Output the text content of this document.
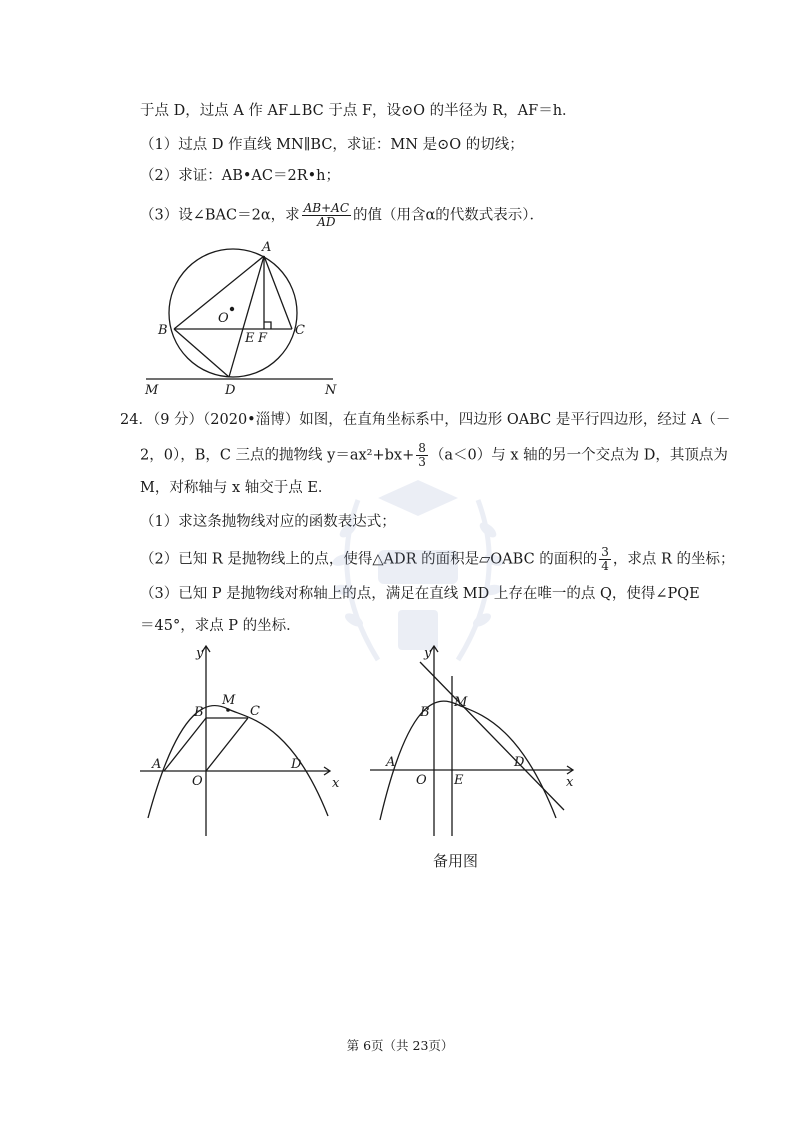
于点 D，过点 A 作 AF⊥BC 于点 F，设⊙O 的半径为 R，AF＝h．
（1）过点 D 作直线 MN∥BC，求证：MN 是⊙O 的切线；
（2）求证：AB•AC＝2R•h；
（3）设∠BAC＝2α，求 $\frac{AB+AC}{AD}$ 的值（用含α的代数式表示）．
A
B	C
O
E F
D
M	N
24．（9 分）（2020•淄博）如图，在直角坐标系中，四边形 OABC 是平行四边形，经过 A（－
2，0），B，C 三点的抛物线 $y=ax^2+bx+ \frac{8}{3} (a<0)$与 x 轴的另一个交点为 D，其顶点为
M，对称轴与 x 轴交于点 E．
（1）求这条抛物线对应的函数表达式；
（2）已知 R 是抛物线上的点，使得△ADR 的面积是▱OABC 的面积的 $\frac{3}{4}$ ，求点 R 的坐标；
（3）已知 P 是抛物线对称轴上的点，满足在直线 MD 上存在唯一的点 Q，使得∠PQE
＝45°，求点 P 的坐标．
y
x
A
O
B
M
C
D
y
x
A
O
B
M
E
D
备用图
第 6页（共 23页）
